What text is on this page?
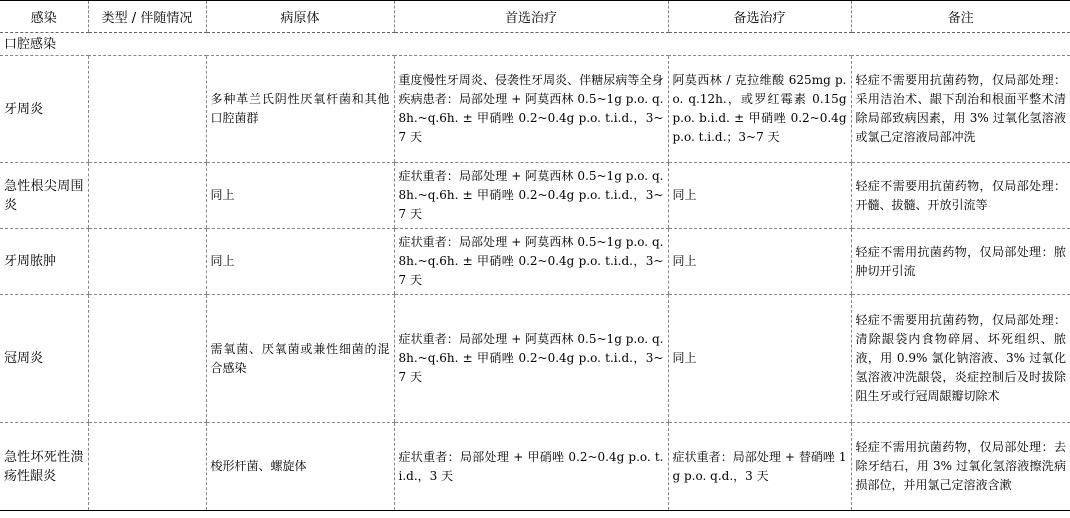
感染	类型 / 伴随情况	病原体	首选治疗	备选治疗	备注
口腔感染					
牙周炎		多种革兰氏阴性厌氧杆菌和其他口腔菌群	重度慢性牙周炎、侵袭性牙周炎、伴糖尿病等全身疾病患者：局部处理 + 阿莫西林 0.5~1g p.o. q.8h.~q.6h. ± 甲硝唑 0.2~0.4g p.o. t.i.d.，3~7 天	阿莫西林 / 克拉维酸 625mg p.o. q.12h.，或罗红霉素 0.15g p.o. b.i.d. ± 甲硝唑 0.2~0.4g p.o. t.i.d.；3~7 天	轻症不需要用抗菌药物，仅局部处理：采用洁治术、龈下刮治和根面平整术清除局部致病因素，用 3% 过氧化氢溶液或氯己定溶液局部冲洗
急性根尖周围炎		同上	症状重者：局部处理 + 阿莫西林 0.5~1g p.o. q.8h.~q.6h. ± 甲硝唑 0.2~0.4g p.o. t.i.d.，3~7 天	同上	轻症不需要用抗菌药物，仅局部处理：开髓、拔髓、开放引流等
牙周脓肿		同上	症状重者：局部处理 + 阿莫西林 0.5~1g p.o. q.8h.~q.6h. ± 甲硝唑 0.2~0.4g p.o. t.i.d.，3~7 天	同上	轻症不需用抗菌药物，仅局部处理：脓肿切开引流
冠周炎		需氧菌、厌氧菌或兼性细菌的混合感染	症状重者：局部处理 + 阿莫西林 0.5~1g p.o. q.8h.~q.6h. ± 甲硝唑 0.2~0.4g p.o. t.i.d.，3~7 天	同上	轻症不需要用抗菌药物，仅局部处理：清除龈袋内食物碎屑、坏死组织、脓液，用 0.9% 氯化钠溶液、3% 过氧化氢溶液冲洗龈袋，炎症控制后及时拔除阻生牙或行冠周龈瓣切除术
急性坏死性溃疡性龈炎		梭形杆菌、螺旋体	症状重者：局部处理 + 甲硝唑 0.2~0.4g p.o. t.i.d.，3 天	症状重者：局部处理 + 替硝唑 1g p.o. q.d.，3 天	轻症不需用抗菌药物，仅局部处理：去除牙结石，用 3% 过氧化氢溶液擦洗病损部位，并用氯己定溶液含漱
